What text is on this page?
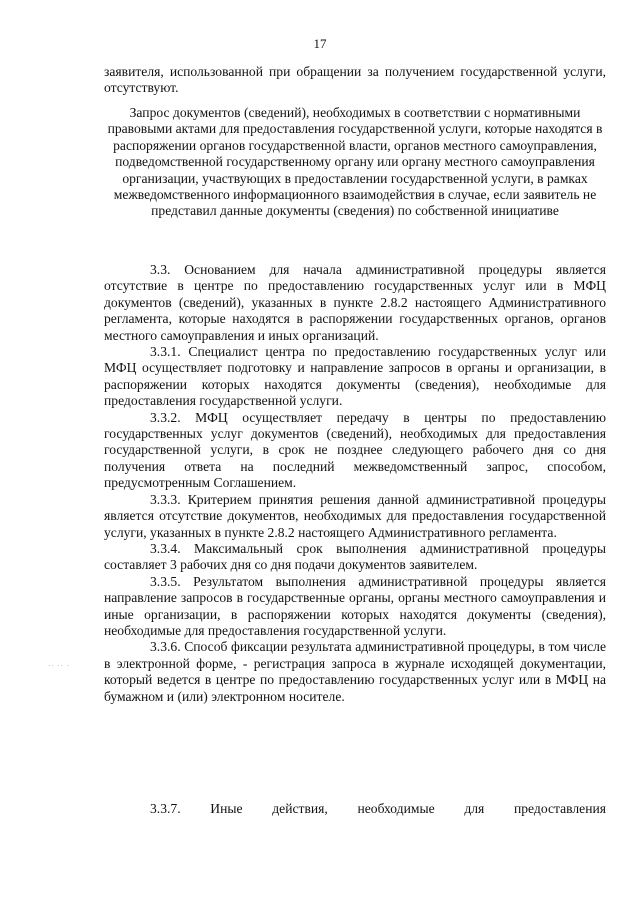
17

заявителя, использованной при обращении за получением государственной услуги, отсутствуют.

Запрос документов (сведений), необходимых в соответствии с нормативными правовыми актами для предоставления государственной услуги, которые находятся в распоряжении органов государственной власти, органов местного самоуправления, подведомственной государственному органу или органу местного самоуправления организации, участвующих в предоставлении государственной услуги, в рамках межведомственного информационного взаимодействия в случае, если заявитель не представил данные документы (сведения) по собственной инициативе

3.3. Основанием для начала административной процедуры является отсутствие в центре по предоставлению государственных услуг или в МФЦ документов (сведений), указанных в пункте 2.8.2 настоящего Административного регламента, которые находятся в распоряжении государственных органов, органов местного самоуправления и иных организаций.

3.3.1. Специалист центра по предоставлению государственных услуг или МФЦ осуществляет подготовку и направление запросов в органы и организации, в распоряжении которых находятся документы (сведения), необходимые для предоставления государственной услуги.

3.3.2. МФЦ осуществляет передачу в центры по предоставлению государственных услуг документов (сведений), необходимых для предоставления государственной услуги, в срок не позднее следующего рабочего дня со дня получения ответа на последний межведомственный запрос, способом, предусмотренным Соглашением.

3.3.3. Критерием принятия решения данной административной процедуры является отсутствие документов, необходимых для предоставления государственной услуги, указанных в пункте 2.8.2 настоящего Административного регламента.

3.3.4. Максимальный срок выполнения административной процедуры составляет 3 рабочих дня со дня подачи документов заявителем.

3.3.5. Результатом выполнения административной процедуры является направление запросов в государственные органы, органы местного самоуправления и иные организации, в распоряжении которых находятся документы (сведения), необходимые для предоставления государственной услуги.

3.3.6. Способ фиксации результата административной процедуры, в том числе в электронной форме, - регистрация запроса в журнале исходящей документации, который ведется в центре по предоставлению государственных услуг или в МФЦ на бумажном и (или) электронном носителе.

3.3.7. Иные действия, необходимые для предоставления

·· ·· ·
